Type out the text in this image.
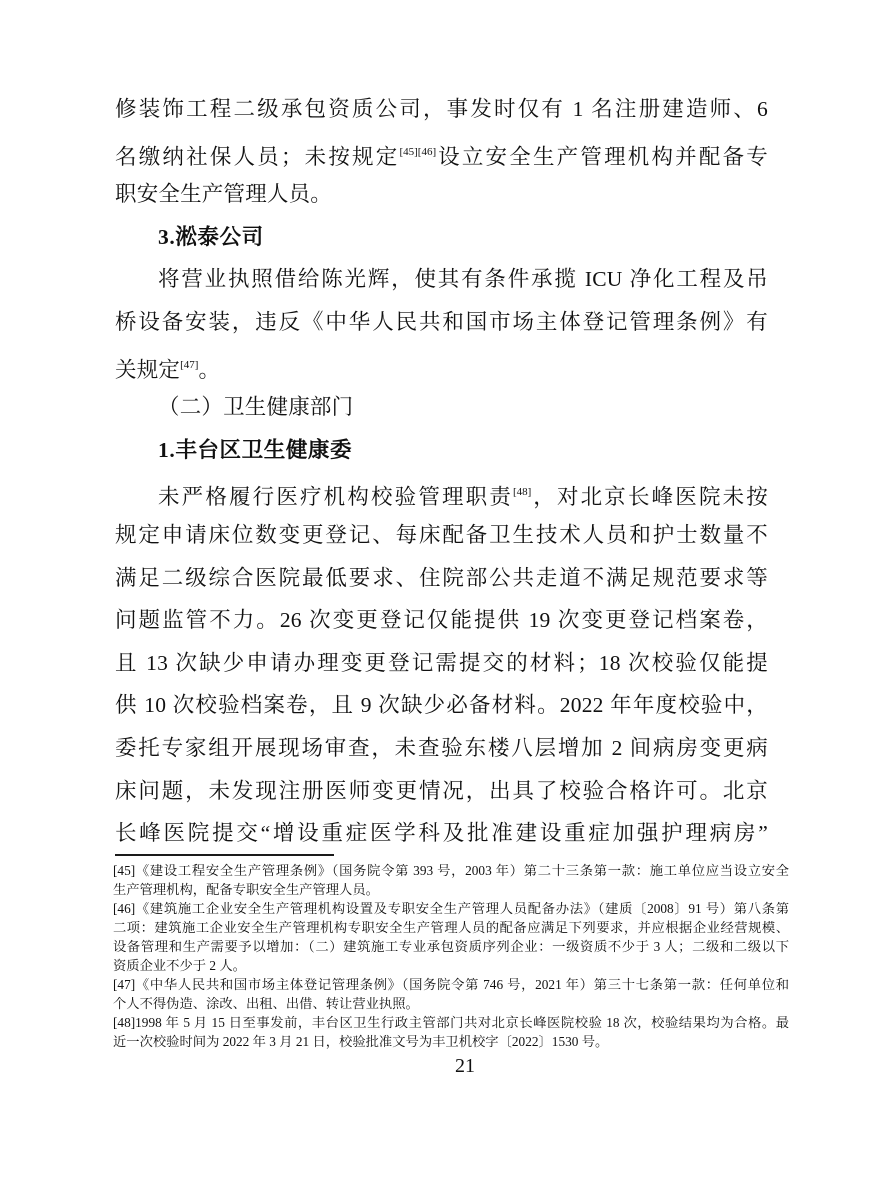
修装饰工程二级承包资质公司，事发时仅有 1 名注册建造师、6
名缴纳社保人员；未按规定[45][46]设立安全生产管理机构并配备专
职安全生产管理人员。
3.淞泰公司
将营业执照借给陈光辉，使其有条件承揽 ICU 净化工程及吊
桥设备安装，违反《中华人民共和国市场主体登记管理条例》有
关规定[47]。
（二）卫生健康部门
1.丰台区卫生健康委
未严格履行医疗机构校验管理职责[48]，对北京长峰医院未按
规定申请床位数变更登记、每床配备卫生技术人员和护士数量不
满足二级综合医院最低要求、住院部公共走道不满足规范要求等
问题监管不力。26 次变更登记仅能提供 19 次变更登记档案卷，
且 13 次缺少申请办理变更登记需提交的材料；18 次校验仅能提
供 10 次校验档案卷，且 9 次缺少必备材料。2022 年年度校验中，
委托专家组开展现场审查，未查验东楼八层增加 2 间病房变更病
床问题，未发现注册医师变更情况，出具了校验合格许可。北京
长峰医院提交“增设重症医学科及批准建设重症加强护理病房”
[45]《建设工程安全生产管理条例》（国务院令第 393 号，2003 年）第二十三条第一款：施工单位应当设立安全
生产管理机构，配备专职安全生产管理人员。
[46]《建筑施工企业安全生产管理机构设置及专职安全生产管理人员配备办法》（建质〔2008〕91 号）第八条第
二项：建筑施工企业安全生产管理机构专职安全生产管理人员的配备应满足下列要求，并应根据企业经营规模、
设备管理和生产需要予以增加：（二）建筑施工专业承包资质序列企业：一级资质不少于 3 人；二级和二级以下
资质企业不少于 2 人。
[47]《中华人民共和国市场主体登记管理条例》（国务院令第 746 号，2021 年）第三十七条第一款：任何单位和
个人不得伪造、涂改、出租、出借、转让营业执照。
[48]1998 年 5 月 15 日至事发前，丰台区卫生行政主管部门共对北京长峰医院校验 18 次，校验结果均为合格。最
近一次校验时间为 2022 年 3 月 21 日，校验批准文号为丰卫机校字〔2022〕1530 号。
21
